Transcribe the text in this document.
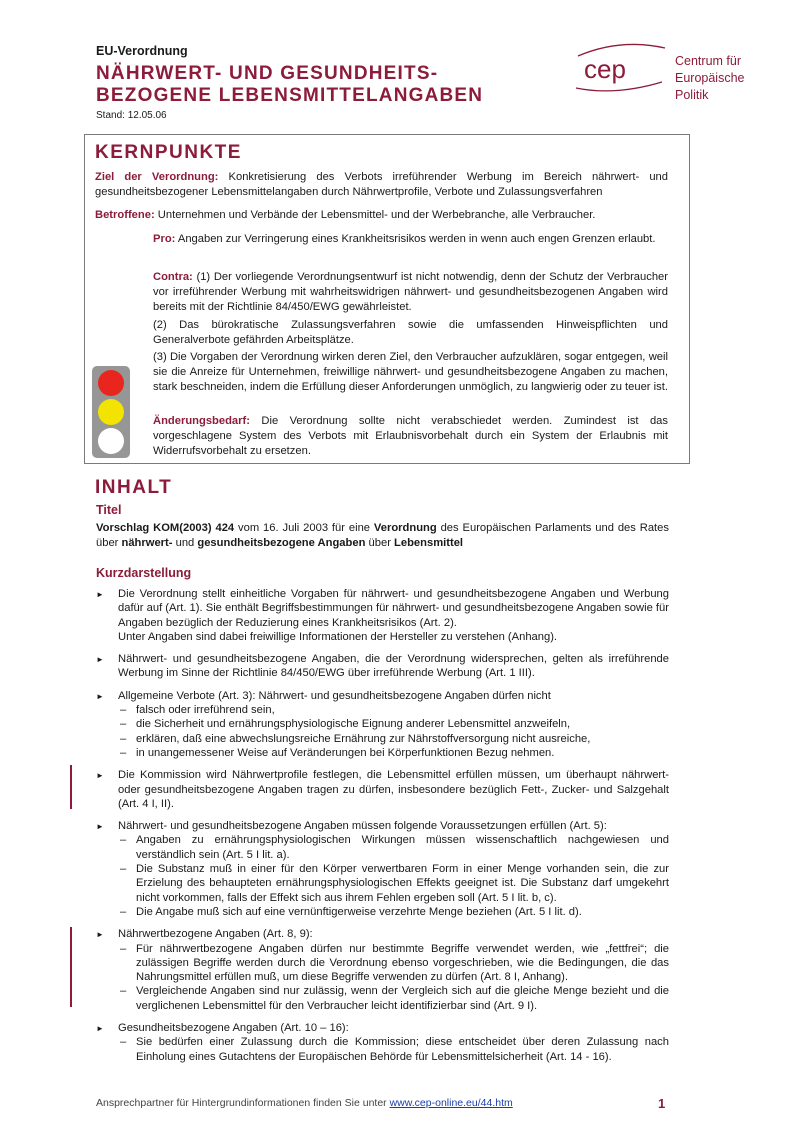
EU-Verordnung
NÄHRWERT- UND GESUNDHEITS-
BEZOGENE LEBENSMITTELANGABEN
Stand: 12.05.06
cep	Centrum für
Europäische
Politik
KERNPUNKTE
Ziel der Verordnung: Konkretisierung des Verbots irreführender Werbung im Bereich nährwert- und gesundheitsbezogener Lebensmittelangaben durch Nährwertprofile, Verbote und Zulassungsverfahren
Betroffene: Unternehmen und Verbände der Lebensmittel- und der Werbebranche, alle Verbraucher.
Pro: Angaben zur Verringerung eines Krankheitsrisikos werden in wenn auch engen Grenzen erlaubt.
Contra: (1) Der vorliegende Verordnungsentwurf ist nicht notwendig, denn der Schutz der Verbraucher vor irreführender Werbung mit wahrheitswidrigen nährwert- und gesundheitsbezogenen Angaben wird bereits mit der Richtlinie 84/450/EWG gewährleistet.
(2) Das bürokratische Zulassungsverfahren sowie die umfassenden Hinweispflichten und Generalverbote gefährden Arbeitsplätze.
(3) Die Vorgaben der Verordnung wirken deren Ziel, den Verbraucher aufzuklären, sogar entgegen, weil sie die Anreize für Unternehmen, freiwillige nährwert- und gesundheitsbezogene Angaben zu machen, stark beschneiden, indem die Erfüllung dieser Anforderungen unmöglich, zu langwierig oder zu teuer ist.
Änderungsbedarf: Die Verordnung sollte nicht verabschiedet werden. Zumindest ist das vorgeschlagene System des Verbots mit Erlaubnisvorbehalt durch ein System der Erlaubnis mit Widerrufsvorbehalt zu ersetzen.
INHALT
Titel
Vorschlag KOM(2003) 424 vom 16. Juli 2003 für eine Verordnung des Europäischen Parlaments und des Rates über nährwert- und gesundheitsbezogene Angaben über Lebensmittel
Kurzdarstellung
► Die Verordnung stellt einheitliche Vorgaben für nährwert- und gesundheitsbezogene Angaben und Werbung dafür auf (Art. 1). Sie enthält Begriffsbestimmungen für nährwert- und gesundheitsbezogene Angaben sowie für Angaben bezüglich der Reduzierung eines Krankheitsrisikos (Art. 2).
Unter Angaben sind dabei freiwillige Informationen der Hersteller zu verstehen (Anhang).
► Nährwert- und gesundheitsbezogene Angaben, die der Verordnung widersprechen, gelten als irreführende Werbung im Sinne der Richtlinie 84/450/EWG über irreführende Werbung (Art. 1 III).
► Allgemeine Verbote (Art. 3): Nährwert- und gesundheitsbezogene Angaben dürfen nicht
– falsch oder irreführend sein,
– die Sicherheit und ernährungsphysiologische Eignung anderer Lebensmittel anzweifeln,
– erklären, daß eine abwechslungsreiche Ernährung zur Nährstoffversorgung nicht ausreiche,
– in unangemessener Weise auf Veränderungen bei Körperfunktionen Bezug nehmen.
► Die Kommission wird Nährwertprofile festlegen, die Lebensmittel erfüllen müssen, um überhaupt nährwert- oder gesundheitsbezogene Angaben tragen zu dürfen, insbesondere bezüglich Fett-, Zucker- und Salzgehalt (Art. 4 I, II).
► Nährwert- und gesundheitsbezogene Angaben müssen folgende Voraussetzungen erfüllen (Art. 5):
– Angaben zu ernährungsphysiologischen Wirkungen müssen wissenschaftlich nachgewiesen und verständlich sein (Art. 5 I lit. a).
– Die Substanz muß in einer für den Körper verwertbaren Form in einer Menge vorhanden sein, die zur Erzielung des behaupteten ernährungsphysiologischen Effekts geeignet ist. Die Substanz darf umgekehrt nicht vorkommen, falls der Effekt sich aus ihrem Fehlen ergeben soll (Art. 5 I lit. b, c).
– Die Angabe muß sich auf eine vernünftigerweise verzehrte Menge beziehen (Art. 5 I lit. d).
► Nährwertbezogene Angaben (Art. 8, 9):
– Für nährwertbezogene Angaben dürfen nur bestimmte Begriffe verwendet werden, wie „fettfrei“; die zulässigen Begriffe werden durch die Verordnung ebenso vorgeschrieben, wie die Bedingungen, die das Nahrungsmittel erfüllen muß, um diese Begriffe verwenden zu dürfen (Art. 8 I, Anhang).
– Vergleichende Angaben sind nur zulässig, wenn der Vergleich sich auf die gleiche Menge bezieht und die verglichenen Lebensmittel für den Verbraucher leicht identifizierbar sind (Art. 9 I).
► Gesundheitsbezogene Angaben (Art. 10 – 16):
– Sie bedürfen einer Zulassung durch die Kommission; diese entscheidet über deren Zulassung nach Einholung eines Gutachtens der Europäischen Behörde für Lebensmittelsicherheit (Art. 14 - 16).
Ansprechpartner für Hintergrundinformationen finden Sie unter www.cep-online.eu/44.htm	1
